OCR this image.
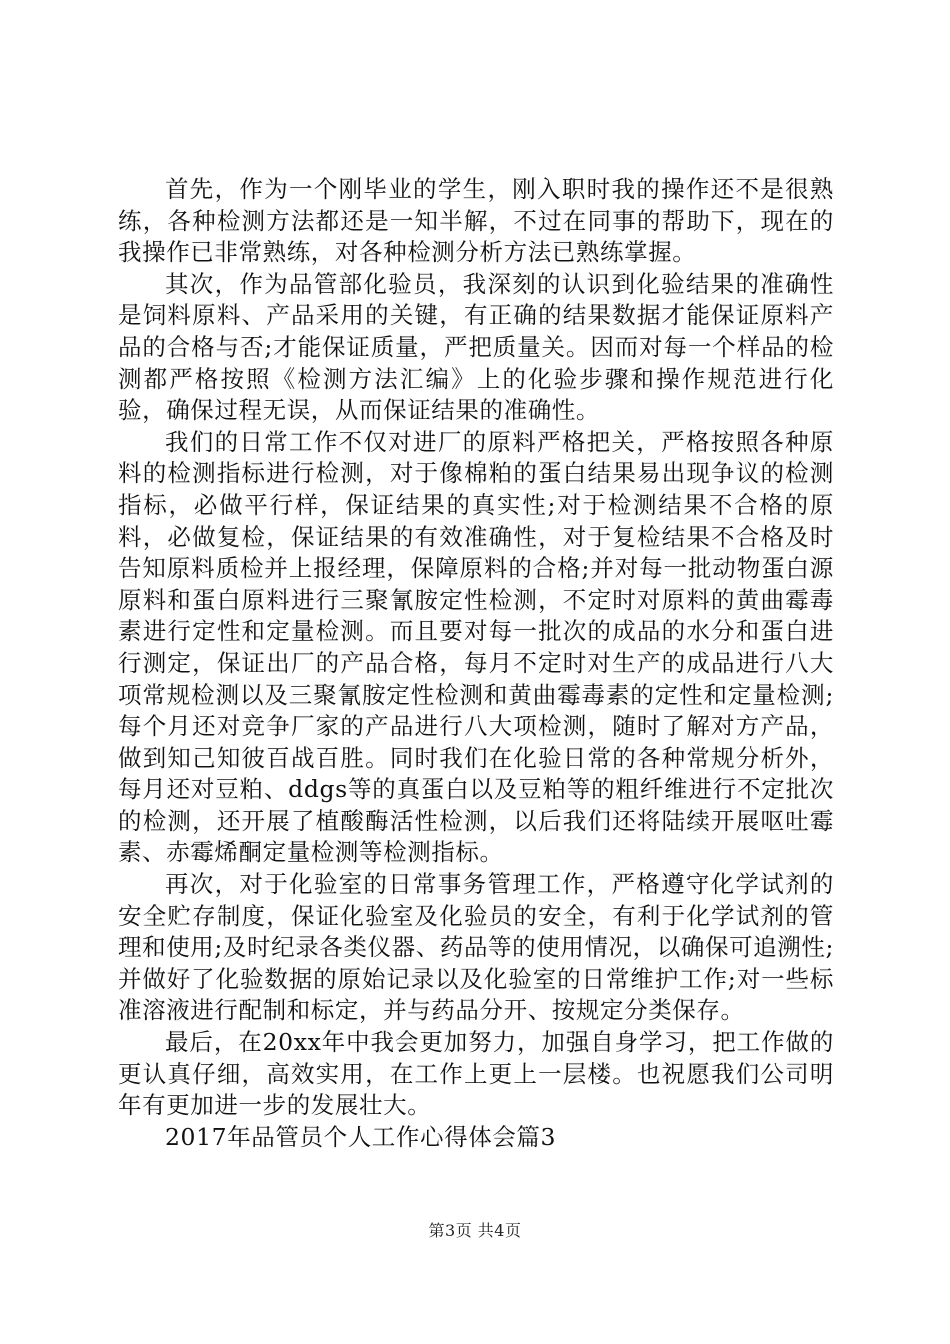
首先，作为一个刚毕业的学生，刚入职时我的操作还不是很熟练，各种检测方法都还是一知半解，不过在同事的帮助下，现在的我操作已非常熟练，对各种检测分析方法已熟练掌握。

其次，作为品管部化验员，我深刻的认识到化验结果的准确性是饲料原料、产品采用的关键，有正确的结果数据才能保证原料产品的合格与否;才能保证质量，严把质量关。因而对每一个样品的检测都严格按照《检测方法汇编》上的化验步骤和操作规范进行化验，确保过程无误，从而保证结果的准确性。

我们的日常工作不仅对进厂的原料严格把关，严格按照各种原料的检测指标进行检测，对于像棉粕的蛋白结果易出现争议的检测指标，必做平行样，保证结果的真实性;对于检测结果不合格的原料，必做复检，保证结果的有效准确性，对于复检结果不合格及时告知原料质检并上报经理，保障原料的合格;并对每一批动物蛋白源原料和蛋白原料进行三聚氰胺定性检测，不定时对原料的黄曲霉毒素进行定性和定量检测。而且要对每一批次的成品的水分和蛋白进行测定，保证出厂的产品合格，每月不定时对生产的成品进行八大项常规检测以及三聚氰胺定性检测和黄曲霉毒素的定性和定量检测;每个月还对竞争厂家的产品进行八大项检测，随时了解对方产品，做到知己知彼百战百胜。同时我们在化验日常的各种常规分析外，每月还对豆粕、ddgs等的真蛋白以及豆粕等的粗纤维进行不定批次的检测，还开展了植酸酶活性检测，以后我们还将陆续开展呕吐霉素、赤霉烯酮定量检测等检测指标。

再次，对于化验室的日常事务管理工作，严格遵守化学试剂的安全贮存制度，保证化验室及化验员的安全，有利于化学试剂的管理和使用;及时纪录各类仪器、药品等的使用情况，以确保可追溯性;并做好了化验数据的原始记录以及化验室的日常维护工作;对一些标准溶液进行配制和标定，并与药品分开、按规定分类保存。

最后，在20xx年中我会更加努力，加强自身学习，把工作做的更认真仔细，高效实用，在工作上更上一层楼。也祝愿我们公司明年有更加进一步的发展壮大。

2017年品管员个人工作心得体会篇3

第3页 共4页
